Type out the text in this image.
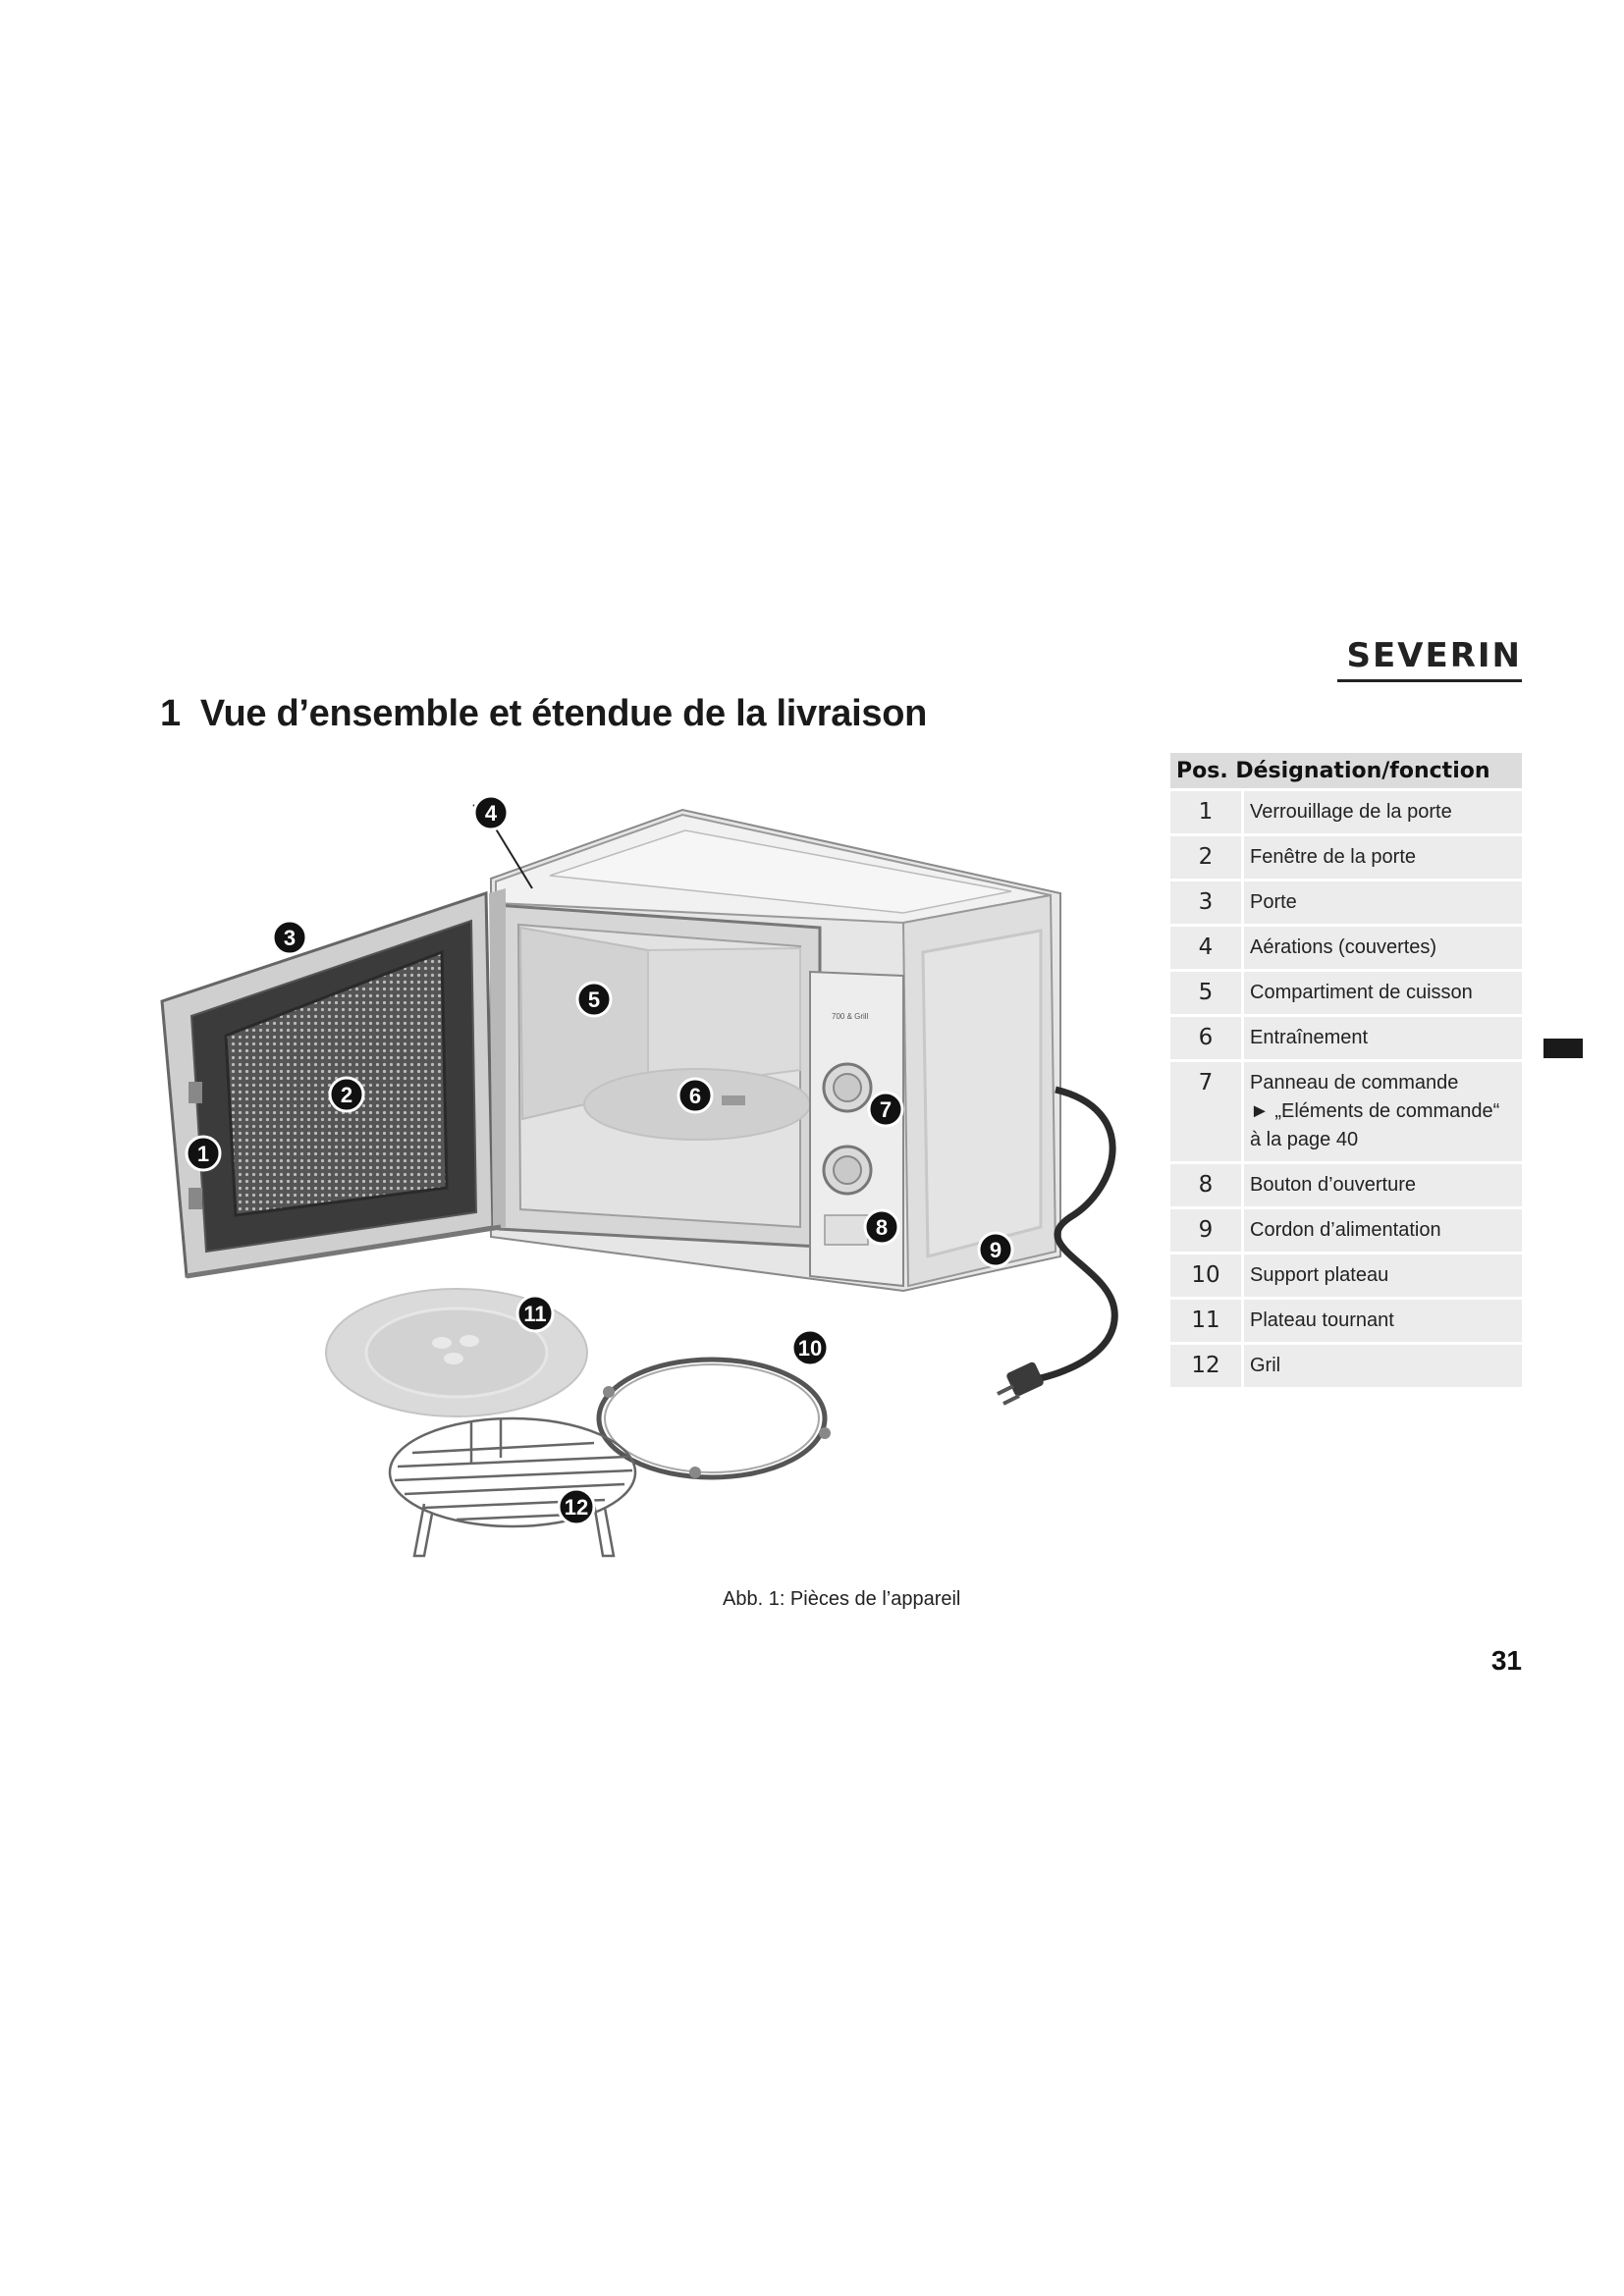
SEVERIN
1 Vue d’ensemble et étendue de la livraison
700 & Grill
1
2
3
4
5
6
7
8
9
10
11
12
Pos. Désignation/fonction	
1	Verrouillage de la porte
2	Fenêtre de la porte
3	Porte
4	Aérations (couvertes)
5	Compartiment de cuisson
6	Entraînement
7	Panneau de commande
► „Eléments de commande“
à la page 40

8	Bouton d’ouverture
9	Cordon d’alimentation
10	Support plateau
11	Plateau tournant
12	Gril
Abb. 1: Pièces de l’appareil
31
